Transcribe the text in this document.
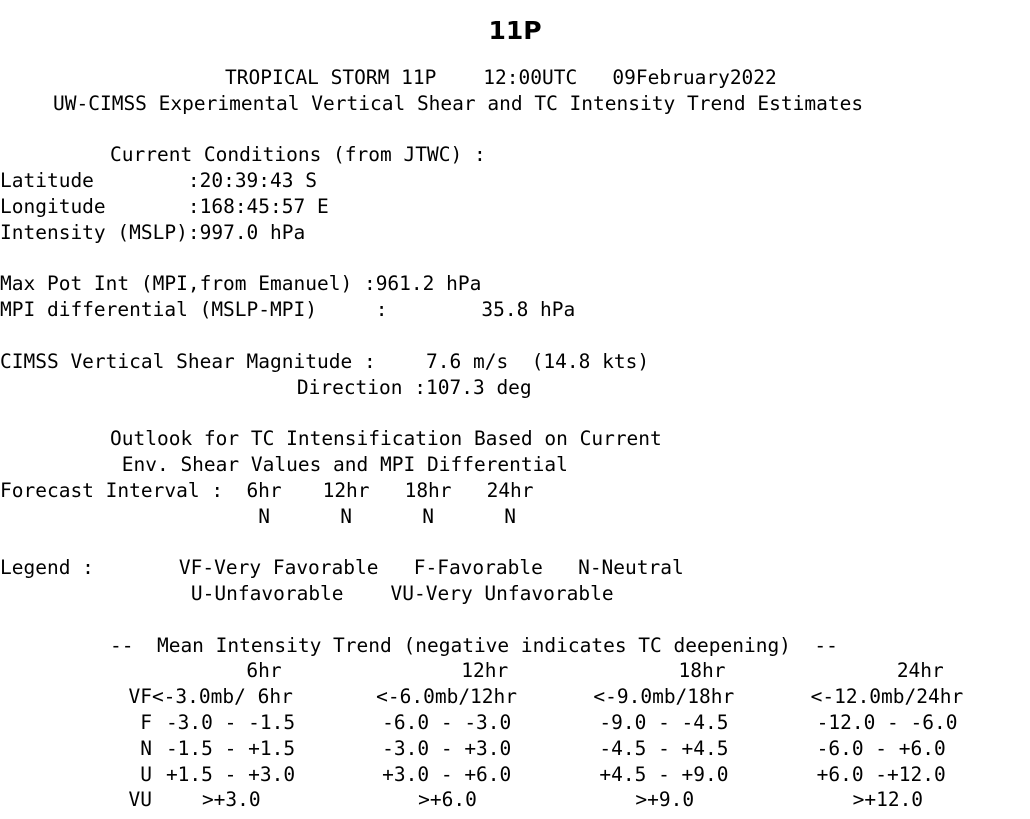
11P
TROPICAL STORM 11P    12:00UTC   09February2022
UW-CIMSS Experimental Vertical Shear and TC Intensity Trend Estimates
Current Conditions (from JTWC) :
Latitude	:	20:39:43 S
Longitude	:	168:45:57 E
Intensity (MSLP)	:	997.0 hPa
Max Pot Int (MPI,from Emanuel) :	961.2 hPa	
MPI differential (MSLP-MPI)	:	35.8 hPa
CIMSS Vertical Shear Magnitude :	7.6 m/s	(14.8 kts)
Direction :	107.3 deg	
Outlook for TC Intensification Based on Current
Env. Shear Values and MPI Differential
Forecast Interval :	6hr	12hr	18hr	24hr
	N	N	N	N
Legend :	VF-Very Favorable   F-Favorable   N-Neutral
	U-Unfavorable    VU-Very Unfavorable
--  Mean Intensity Trend (negative indicates TC deepening)  --
	6hr	12hr	18hr	24hr
VF	<-3.0mb/ 6hr	<-6.0mb/12hr	<-9.0mb/18hr	<-12.0mb/24hr
F	-3.0 - -1.5	-6.0 - -3.0	-9.0 - -4.5	-12.0 - -6.0
N	-1.5 - +1.5	-3.0 - +3.0	-4.5 - +4.5	-6.0 - +6.0
U	+1.5 - +3.0	+3.0 - +6.0	+4.5 - +9.0	+6.0 -+12.0
VU	>+3.0	>+6.0	>+9.0	>+12.0
